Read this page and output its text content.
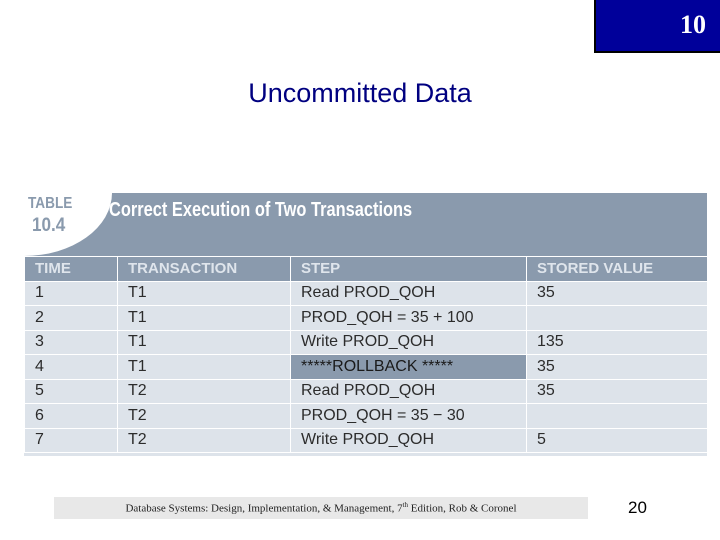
10
Uncommitted Data
TABLE
10.4
Correct Execution of Two Transactions
TIME	TRANSACTION	STEP	STORED VALUE
1	T1	Read PROD_QOH	35
2	T1	PROD_QOH = 35 + 100	
3	T1	Write PROD_QOH	135
4	T1	*****ROLLBACK *****	35
5	T2	Read PROD_QOH	35
6	T2	PROD_QOH = 35 − 30	
7	T2	Write PROD_QOH	5
Database Systems: Design, Implementation, & Management, 7th Edition, Rob & Coronel	20
